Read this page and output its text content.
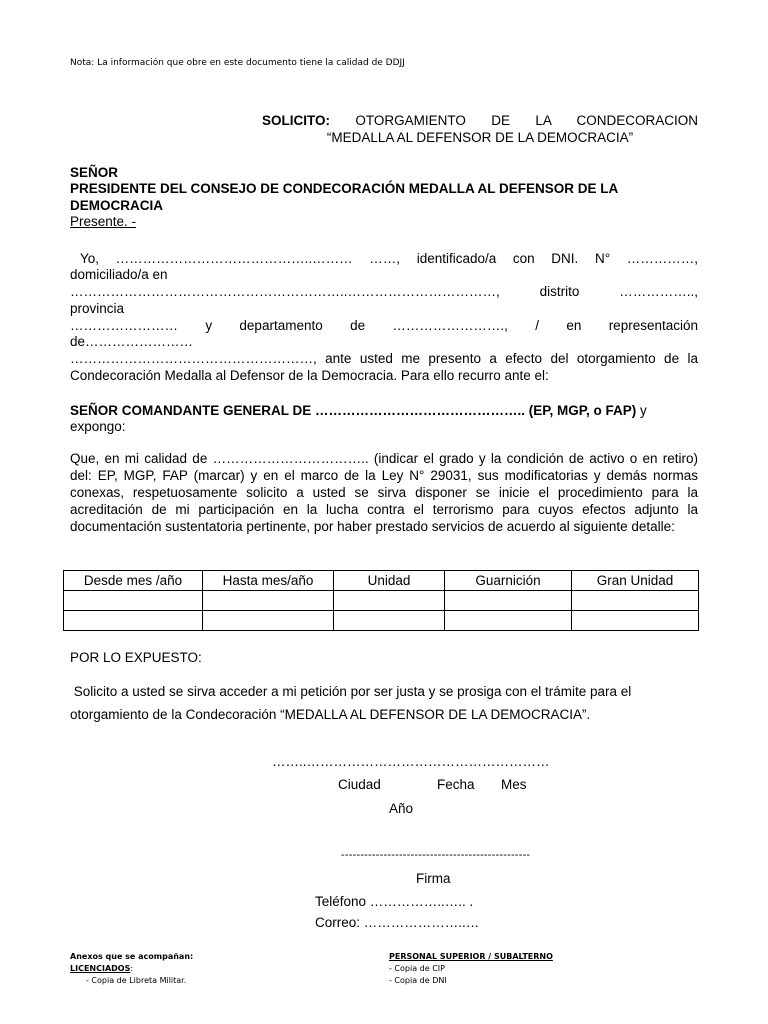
Nota: La información que obre en este documento tiene la calidad de DDJJ
SOLICITO: OTORGAMIENTO DE LA CONDECORACION
“MEDALLA AL DEFENSOR DE LA DEMOCRACIA”
SEÑOR
PRESIDENTE DEL CONSEJO DE CONDECORACIÓN MEDALLA AL DEFENSOR DE LA
DEMOCRACIA
Presente. -
Yo, ……………………………………..……… ……, identificado/a con DNI. N° ……………,
domiciliado/a en
……………………………………………………..……………………………, distrito ……………..,
provincia
…………………… y departamento de ……………………., / en representación
de……………………
………………………………………………, ante usted me presento a efecto del otorgamiento de la
Condecoración Medalla al Defensor de la Democracia. Para ello recurro ante el:
SEÑOR COMANDANTE GENERAL DE ……………………………………….. (EP, MGP, o FAP) y
expongo:
Que, en mi calidad de …………………………….. (indicar el grado y la condición de activo o en retiro) del: EP, MGP, FAP (marcar) y en el marco de la Ley N° 29031, sus modificatorias y demás normas conexas, respetuosamente solicito a usted se sirva disponer se inicie el procedimiento para la acreditación de mi participación en la lucha contra el terrorismo para cuyos efectos adjunto la documentación sustentatoria pertinente, por haber prestado servicios de acuerdo al siguiente detalle:
Desde mes /año	Hasta mes/año	Unidad	Guarnición	Gran Unidad

POR LO EXPUESTO:
Solicito a usted se sirva acceder a mi petición por ser justa y se prosiga con el trámite para el
otorgamiento de la Condecoración “MEDALLA AL DEFENSOR DE LA DEMOCRACIA”.
……..………………………………………………
Ciudad	Fecha Mes
Año
-------------------------------------------------
Firma
Teléfono ……………..….. .
Correo: …………………..…
Anexos que se acompañan:
LICENCIADOS:
- Copia de Libreta Militar.
PERSONAL SUPERIOR / SUBALTERNO
- Copia de CIP
- Copia de DNI
